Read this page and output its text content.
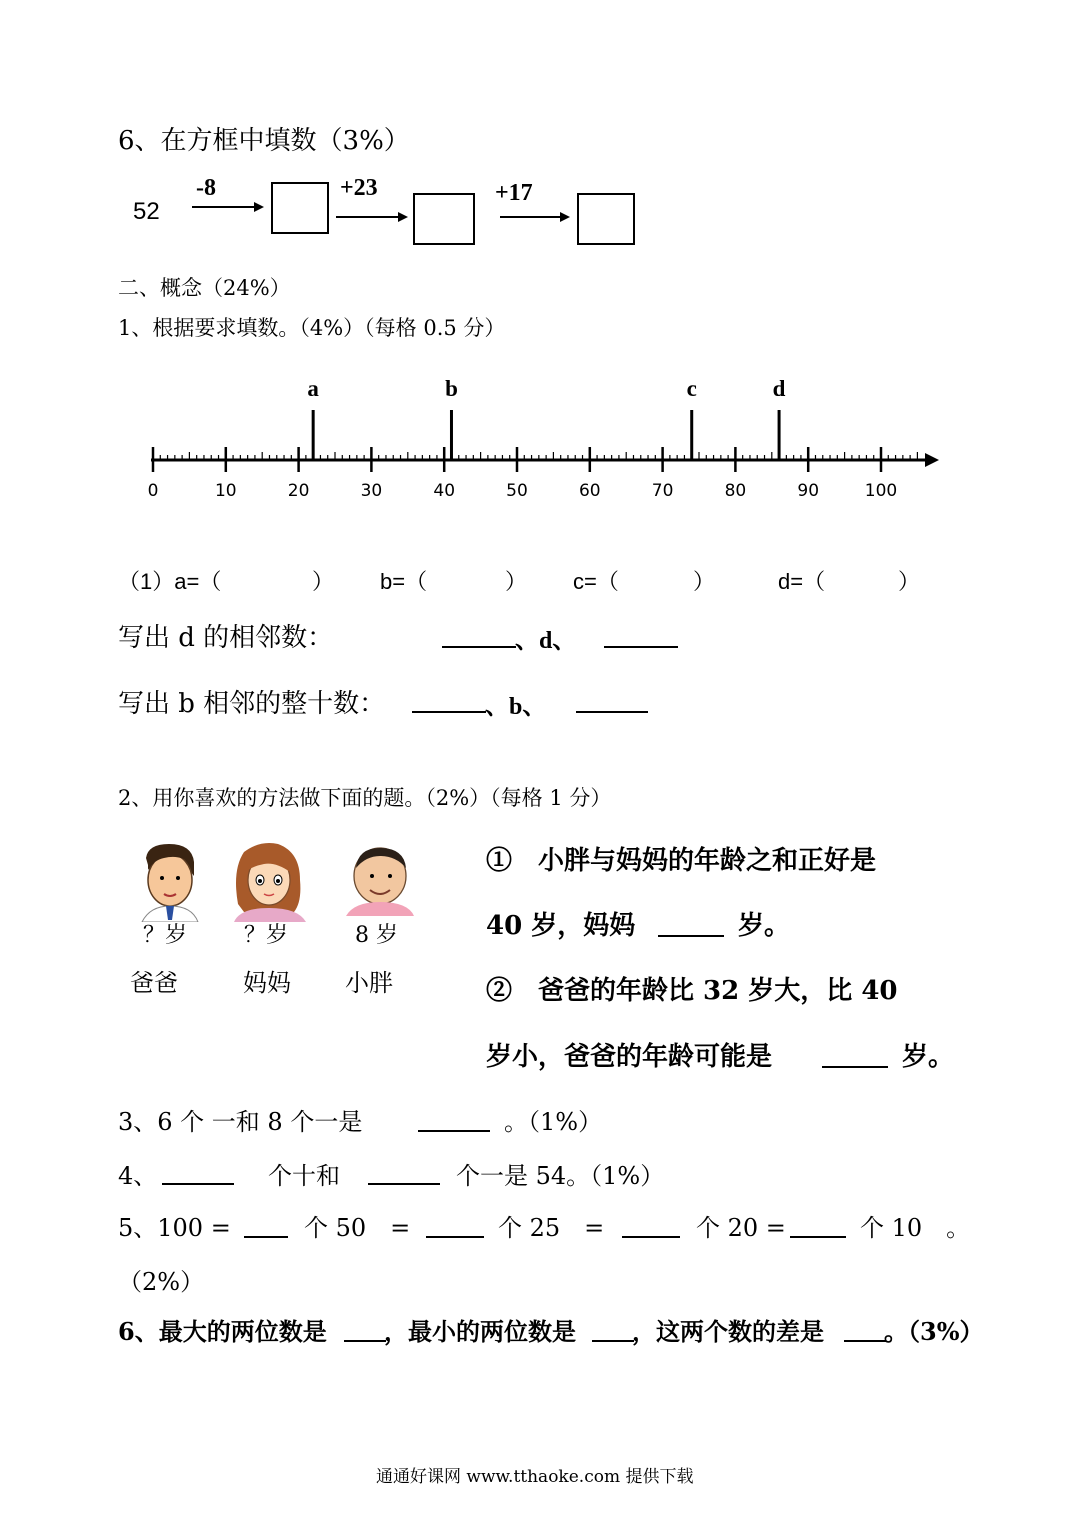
6、在方框中填数（3%）
52
-8	+23	+17
二、概念（24%）
1、根据要求填数。（4%）（每格 0.5 分）
0	10	20	30	40	50	60	70	80	90	100
a	b	c	d
（1）a=（	） b=（	） c=（	）	d=（	）
写出 d 的相邻数：	、d、
写出 b 相邻的整十数：	、b、
2、用你喜欢的方法做下面的题。（2%）（每格 1 分）
？岁	？岁	8 岁
爸爸	妈妈 小胖
①　小胖与妈妈的年龄之和正好是
40 岁，妈妈	岁。
②　爸爸的年龄比 32 岁大，比 40
岁小，爸爸的年龄可能是	岁。
3、6 个 一和 8 个一是	。（1%）
4、	个十和	个一是 54。（1%）
5、100 =	个 50　=	个 25　=	个 20 =	个 10　。
（2%）
6、最大的两位数是 ，最小的两位数是 ，这两个数的差是	。（3%）
通通好课网 www.tthaoke.com 提供下载
